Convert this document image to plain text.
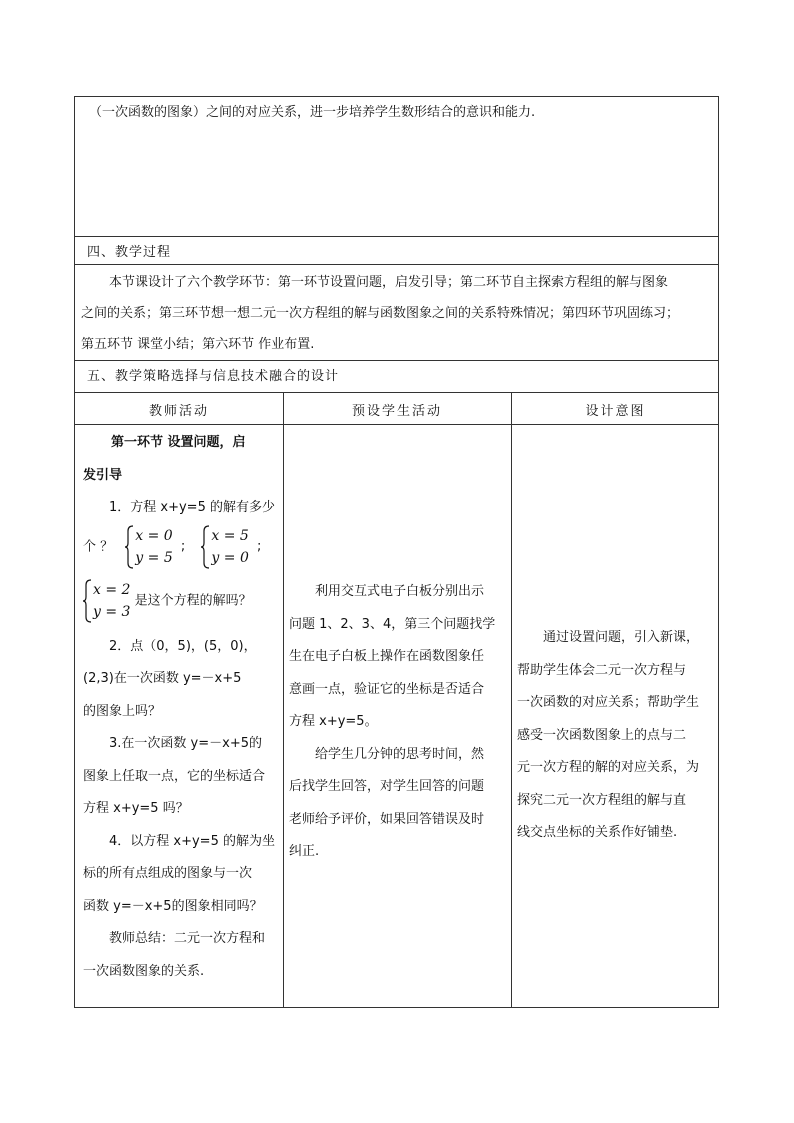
（一次函数的图象）之间的对应关系，进一步培养学生数形结合的意识和能力.
四、教学过程
本节课设计了六个教学环节：第一环节设置问题，启发引导；第二环节自主探索方程组的解与图象
之间的关系；第三环节想一想二元一次方程组的解与函数图象之间的关系特殊情况；第四环节巩固练习；
第五环节 课堂小结；第六环节 作业布置.
五、教学策略选择与信息技术融合的设计
教师活动	预设学生活动	设计意图
第一环节 设置问题，启
发引导
1．方程 x+y=5 的解有多少
个 ？
x = 0
y = 5
;
x = 5
y = 0
;
x = 2
y = 3
是这个方程的解吗？
2．点（0，5)，(5，0)，
(2,3)在一次函数 y=－x+5
的图象上吗？
3.在一次函数 y=－x+5的
图象上任取一点，它的坐标适合
方程 x+y=5 吗？
4．以方程 x+y=5 的解为坐
标的所有点组成的图象与一次
函数 y=－x+5的图象相同吗？
教师总结：二元一次方程和
一次函数图象的关系.
利用交互式电子白板分别出示
问题 1、2、3、4，第三个问题找学
生在电子白板上操作在函数图象任
意画一点，验证它的坐标是否适合
方程 x+y=5。
给学生几分钟的思考时间，然
后找学生回答，对学生回答的问题
老师给予评价，如果回答错误及时
纠正.
通过设置问题，引入新课，
帮助学生体会二元一次方程与
一次函数的对应关系；帮助学生
感受一次函数图象上的点与二
元一次方程的解的对应关系，为
探究二元一次方程组的解与直
线交点坐标的关系作好铺垫.
